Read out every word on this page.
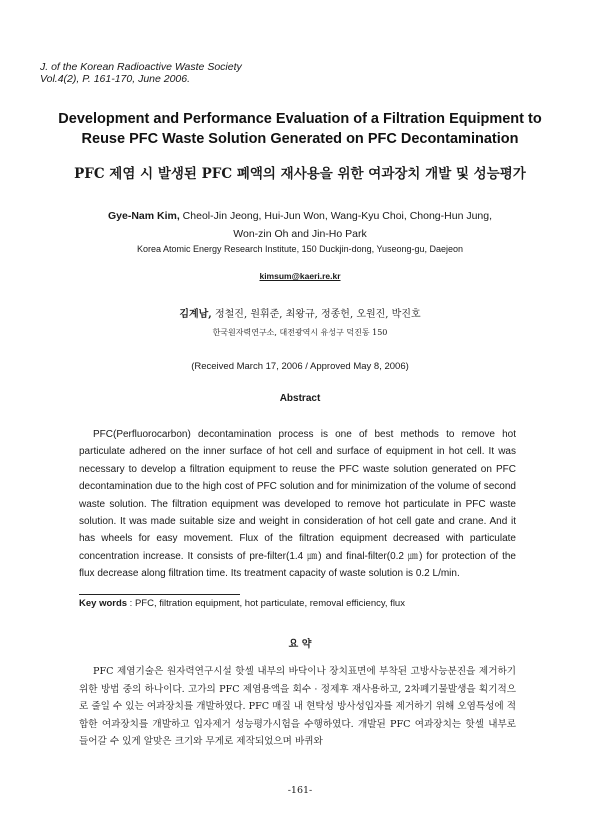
J. of the Korean Radioactive Waste Society
Vol.4(2), P. 161-170, June 2006.
Development and Performance Evaluation of a Filtration Equipment to
Reuse PFC Waste Solution Generated on PFC Decontamination
PFC 제염 시 발생된 PFC 폐액의 재사용을 위한 여과장치 개발 및 성능평가
Gye-Nam Kim, Cheol-Jin Jeong, Hui-Jun Won, Wang-Kyu Choi, Chong-Hun Jung,
Won-zin Oh and Jin-Ho Park
Korea Atomic Energy Research Institute, 150 Duckjin-dong, Yuseong-gu, Daejeon
kimsum@kaeri.re.kr
김계남, 정철진, 원휘준, 최왕규, 정종헌, 오원진, 박진호
한국원자력연구소, 대전광역시 유성구 덕진동 150
(Received March 17, 2006 / Approved May 8, 2006)
Abstract

PFC(Perfluorocarbon) decontamination process is one of best methods to remove hot particulate adhered on the inner surface of hot cell and surface of equipment in hot cell. It was necessary to develop a filtration equipment to reuse the PFC waste solution generated on PFC decontamination due to the high cost of PFC solution and for minimization of the volume of second waste solution. The filtration equipment was developed to remove hot particulate in PFC waste solution. It was made suitable size and weight in consideration of hot cell gate and crane. And it has wheels for easy movement. Flux of the filtration equipment decreased with particulate concentration increase. It consists of pre-filter(1.4 ㎛) and final-filter(0.2 ㎛) for protection of the flux decrease along filtration time. Its treatment capacity of waste solution is 0.2 L/min.

Key words : PFC, filtration equipment, hot particulate, removal efficiency, flux
요 약

PFC 제염기술은 원자력연구시설 핫셀 내부의 바닥이나 장치표면에 부착된 고방사능분진을 제거하기 위한 방법 중의 하나이다. 고가의 PFC 제염용액을 회수 · 정제후 재사용하고, 2차폐기물발생을 획기적으로 줄일 수 있는 여과장치를 개발하였다. PFC 매질 내 현탁성 방사성입자를 제거하기 위해 오염특성에 적합한 여과장치를 개발하고 입자제거 성능평가시험을 수행하였다. 개발된 PFC 여과장치는 핫셀 내부로 들어갈 수 있게 알맞은 크기와 무게로 제작되었으며 바퀴와

-161-
